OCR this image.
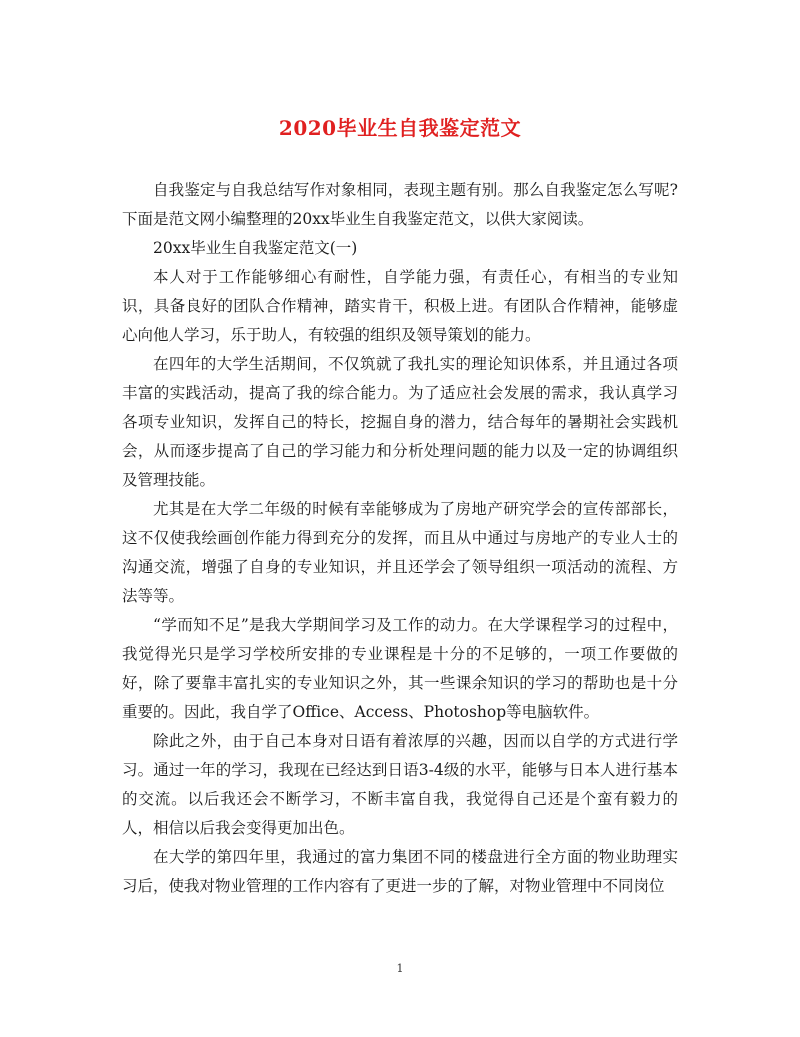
2020毕业生自我鉴定范文

自我鉴定与自我总结写作对象相同，表现主题有别。那么自我鉴定怎么写呢?下面是范文网小编整理的20xx毕业生自我鉴定范文，以供大家阅读。

20xx毕业生自我鉴定范文(一)

本人对于工作能够细心有耐性，自学能力强，有责任心，有相当的专业知识，具备良好的团队合作精神，踏实肯干，积极上进。有团队合作精神，能够虚心向他人学习，乐于助人，有较强的组织及领导策划的能力。

在四年的大学生活期间，不仅筑就了我扎实的理论知识体系，并且通过各项丰富的实践活动，提高了我的综合能力。为了适应社会发展的需求，我认真学习各项专业知识，发挥自己的特长，挖掘自身的潜力，结合每年的暑期社会实践机会，从而逐步提高了自己的学习能力和分析处理问题的能力以及一定的协调组织及管理技能。

尤其是在大学二年级的时候有幸能够成为了房地产研究学会的宣传部部长，这不仅使我绘画创作能力得到充分的发挥，而且从中通过与房地产的专业人士的沟通交流，增强了自身的专业知识，并且还学会了领导组织一项活动的流程、方法等等。

“学而知不足”是我大学期间学习及工作的动力。在大学课程学习的过程中，我觉得光只是学习学校所安排的专业课程是十分的不足够的，一项工作要做的好，除了要靠丰富扎实的专业知识之外，其一些课余知识的学习的帮助也是十分重要的。因此，我自学了Office、Access、Photoshop等电脑软件。

除此之外，由于自己本身对日语有着浓厚的兴趣，因而以自学的方式进行学习。通过一年的学习，我现在已经达到日语3-4级的水平，能够与日本人进行基本的交流。以后我还会不断学习，不断丰富自我，我觉得自己还是个蛮有毅力的人，相信以后我会变得更加出色。

在大学的第四年里，我通过的富力集团不同的楼盘进行全方面的物业助理实习后，使我对物业管理的工作内容有了更进一步的了解，对物业管理中不同岗位

1
